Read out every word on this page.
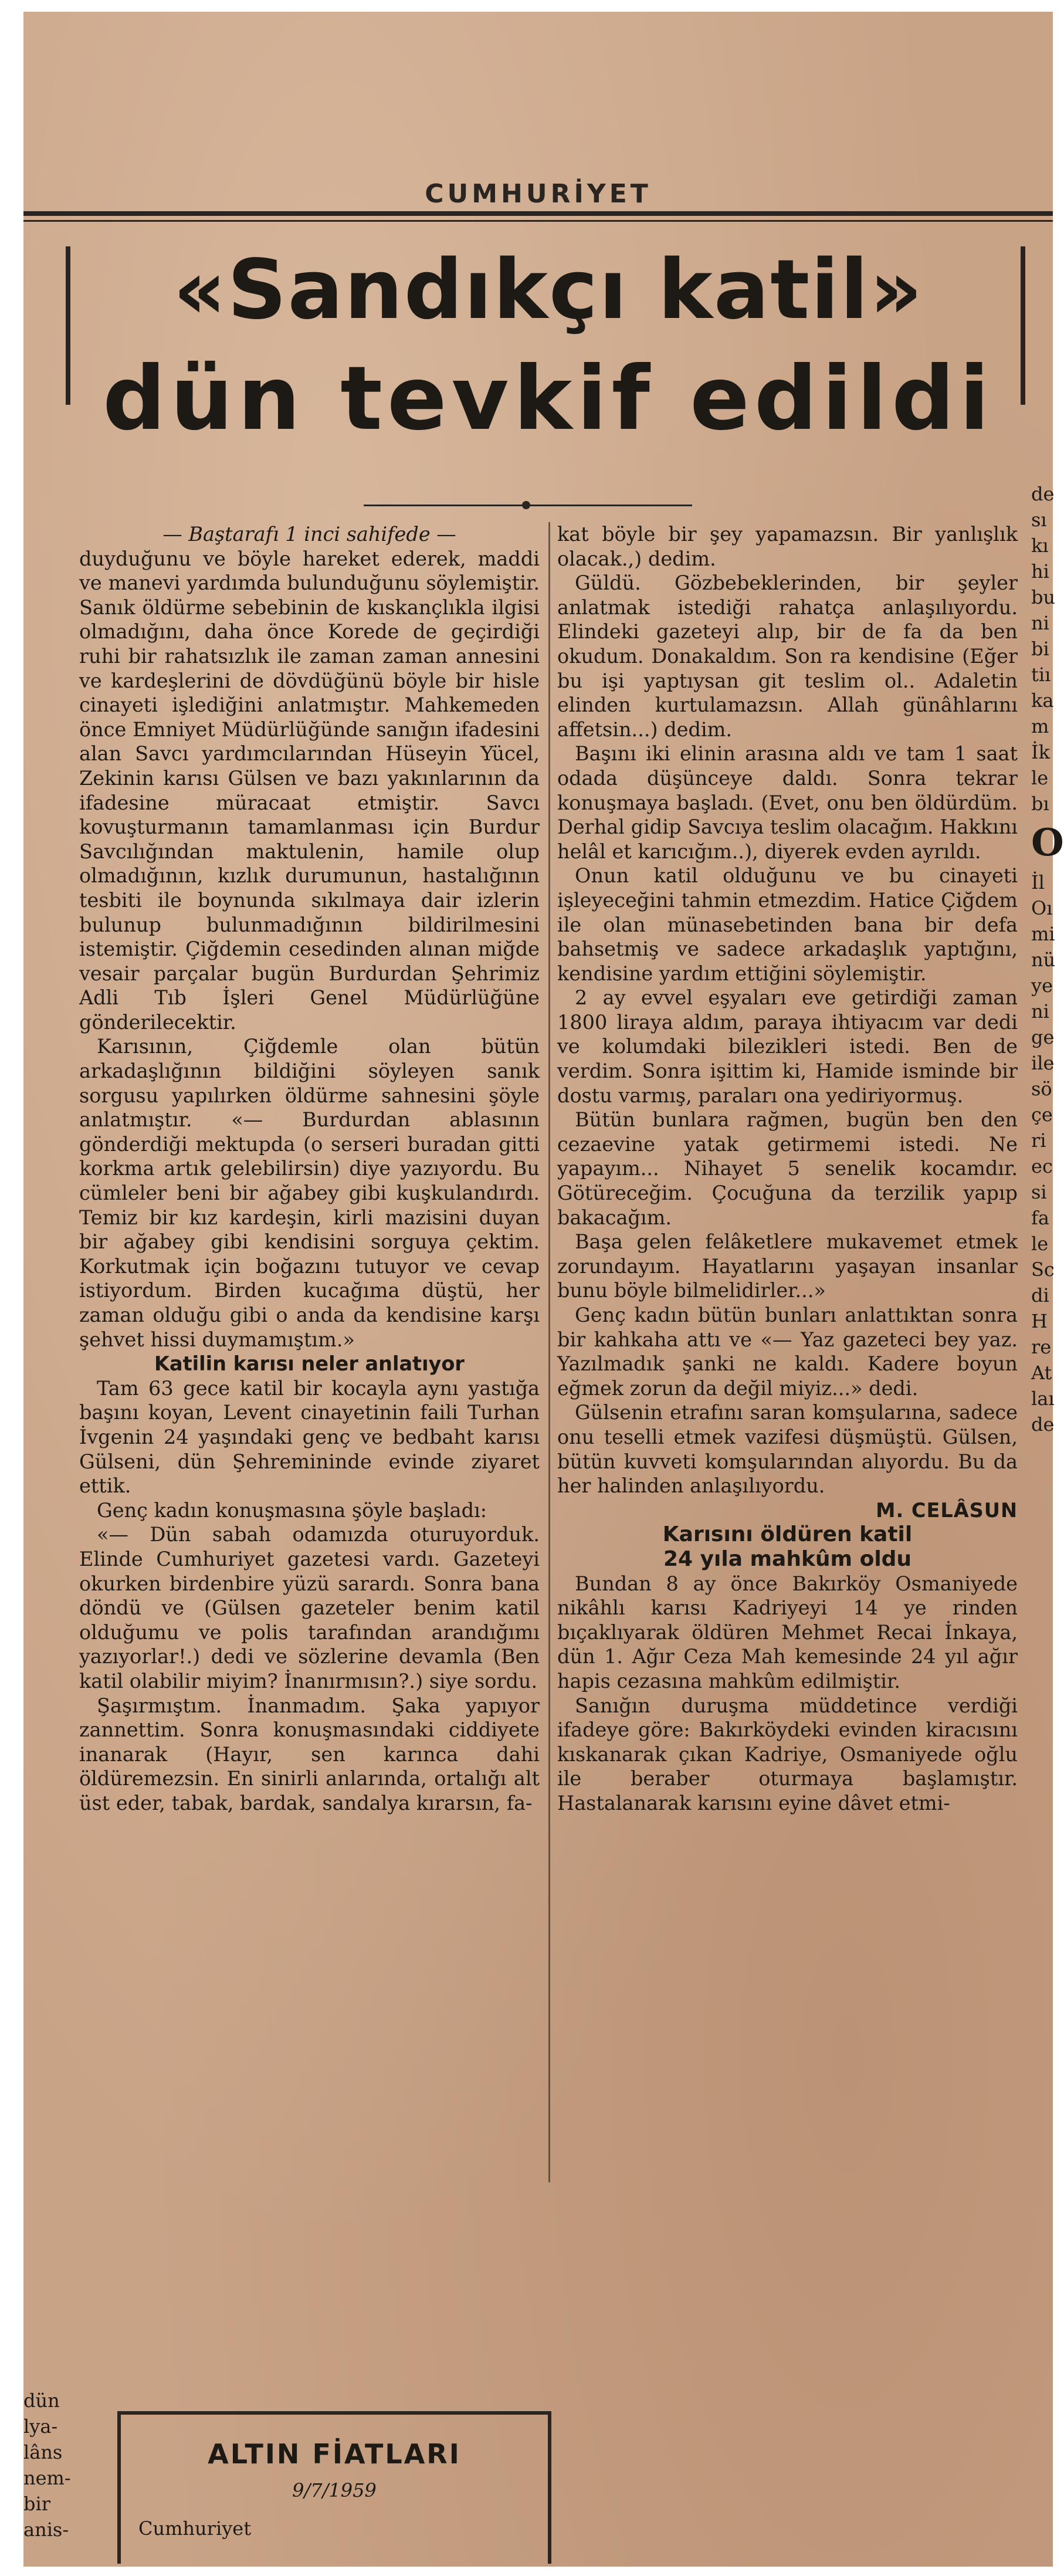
CUMHURİYET
«Sandıkçı katil»
dün tevkif edildi

— Baştarafı 1 inci sahifede —

duyduğunu ve böyle hareket ederek, maddi ve manevi yardımda bulunduğunu söylemiştir. Sanık öldürme sebebinin de kıskançlıkla ilgisi olmadığını, daha önce Korede de geçirdiği ruhi bir rahatsızlık ile zaman zaman annesini ve kardeşlerini de dövdüğünü böyle bir hisle cinayeti işlediğini anlatmıştır. Mahkemeden önce Emniyet Müdürlüğünde sanığın ifadesini alan Savcı yardımcılarından Hüseyin Yücel, Zekinin karısı Gülsen ve bazı yakınlarının da ifadesine müracaat etmiştir. Savcı kovuşturmanın tamamlanması için Burdur Savcılığından maktulenin, hamile olup olmadığının, kızlık durumunun, hastalığının tesbiti ile boynunda sıkılmaya dair izlerin bulunup bulunmadığının bildirilmesini istemiştir. Çiğdemin cesedinden alınan miğde vesair parçalar bugün Burdurdan Şehrimiz Adli Tıb İşleri Genel Müdürlüğüne gönderilecektir.

Karısının, Çiğdemle olan bütün arkadaşlığının bildiğini söyleyen sanık sorgusu yapılırken öldürme sahnesini şöyle anlatmıştır. «— Burdurdan ablasının gönderdiği mektupda (o serseri buradan gitti korkma artık gelebilirsin) diye yazıyordu. Bu cümleler beni bir ağabey gibi kuşkulandırdı. Temiz bir kız kardeşin, kirli mazisini duyan bir ağabey gibi kendisini sorguya çektim. Korkutmak için boğazını tutuyor ve cevap istiyordum. Birden kucağıma düştü, her zaman olduğu gibi o anda da kendisine karşı şehvet hissi duymamıştım.»

Katilin karısı neler anlatıyor

Tam 63 gece katil bir kocayla aynı yastığa başını koyan, Levent cinayetinin faili Turhan İvgenin 24 yaşındaki genç ve bedbaht karısı Gülseni, dün Şehremininde evinde ziyaret ettik.

Genç kadın konuşmasına şöyle başladı:

«— Dün sabah odamızda oturuyorduk. Elinde Cumhuriyet gazetesi vardı. Gazeteyi okurken birdenbire yüzü sarardı. Sonra bana döndü ve (Gülsen gazeteler benim katil olduğumu ve polis tarafından arandığımı yazıyorlar!.) dedi ve sözlerine devamla (Ben katil olabilir miyim? İnanırmısın?.) siye sordu.

Şaşırmıştım. İnanmadım. Şaka yapıyor zannettim. Sonra konuşmasındaki ciddiyete inanarak (Hayır, sen karınca dahi öldüremezsin. En sinirli anlarında, ortalığı alt üst eder, tabak, bardak, sandalya kırarsın, fa-

kat böyle bir şey yapamazsın. Bir yanlışlık olacak.,) dedim.

Güldü. Gözbebeklerinden, bir şeyler anlatmak istediği rahatça anlaşılıyordu. Elindeki gazeteyi alıp, bir de fa da ben okudum. Donakaldım. Son ra kendisine (Eğer bu işi yaptıysan git teslim ol.. Adaletin elinden kurtulamazsın. Allah günâhlarını affetsin...) dedim.

Başını iki elinin arasına aldı ve tam 1 saat odada düşünceye daldı. Sonra tekrar konuşmaya başladı. (Evet, onu ben öldürdüm. Derhal gidip Savcıya teslim olacağım. Hakkını helâl et karıcığım..), diyerek evden ayrıldı.

Onun katil olduğunu ve bu cinayeti işleyeceğini tahmin etmezdim. Hatice Çiğdem ile olan münasebetinden bana bir defa bahsetmiş ve sadece arkadaşlık yaptığını, kendisine yardım ettiğini söylemiştir.

2 ay evvel eşyaları eve getirdiği zaman 1800 liraya aldım, paraya ihtiyacım var dedi ve kolumdaki bilezikleri istedi. Ben de verdim. Sonra işittim ki, Hamide isminde bir dostu varmış, paraları ona yediriyormuş.

Bütün bunlara rağmen, bugün ben den cezaevine yatak getirmemi istedi. Ne yapayım... Nihayet 5 senelik kocamdır. Götüreceğim. Çocuğuna da terzilik yapıp bakacağım.

Başa gelen felâketlere mukavemet etmek zorundayım. Hayatlarını yaşayan insanlar bunu böyle bilmelidirler...»

Genç kadın bütün bunları anlattıktan sonra bir kahkaha attı ve «— Yaz gazeteci bey yaz. Yazılmadık şanki ne kaldı. Kadere boyun eğmek zorun da değil miyiz...» dedi.

Gülsenin etrafını saran komşularına, sadece onu teselli etmek vazifesi düşmüştü. Gülsen, bütün kuvveti komşularından alıyordu. Bu da her halinden anlaşılıyordu.

M. CELÂSUN

Karısını öldüren katil

24 yıla mahkûm oldu

Bundan 8 ay önce Bakırköy Osmaniyede nikâhlı karısı Kadriyeyi 14 ye rinden bıçaklıyarak öldüren Mehmet Recai İnkaya, dün 1. Ağır Ceza Mah kemesinde 24 yıl ağır hapis cezasına mahkûm edilmiştir.

Sanığın duruşma müddetince verdiği ifadeye göre: Bakırköydeki evinden kiracısını kıskanarak çıkan Kadriye, Osmaniyede oğlu ile beraber oturmaya başlamıştır. Hastalanarak karısını eyine dâvet etmi-

ALTIN FİATLARI
9/7/1959
Cumhuriyet
dün
lya-
lâns
nem-
bir
anis-
de
sı
kı
hi
bu
ni
bi
tiı
ka
m
İk
le
bı
O
İl
Oı
mi
nü
ye
ni
ge
ile
sö
çe
ri
ec
si
fa
le
Sc
di
H
re
At
laı
de
